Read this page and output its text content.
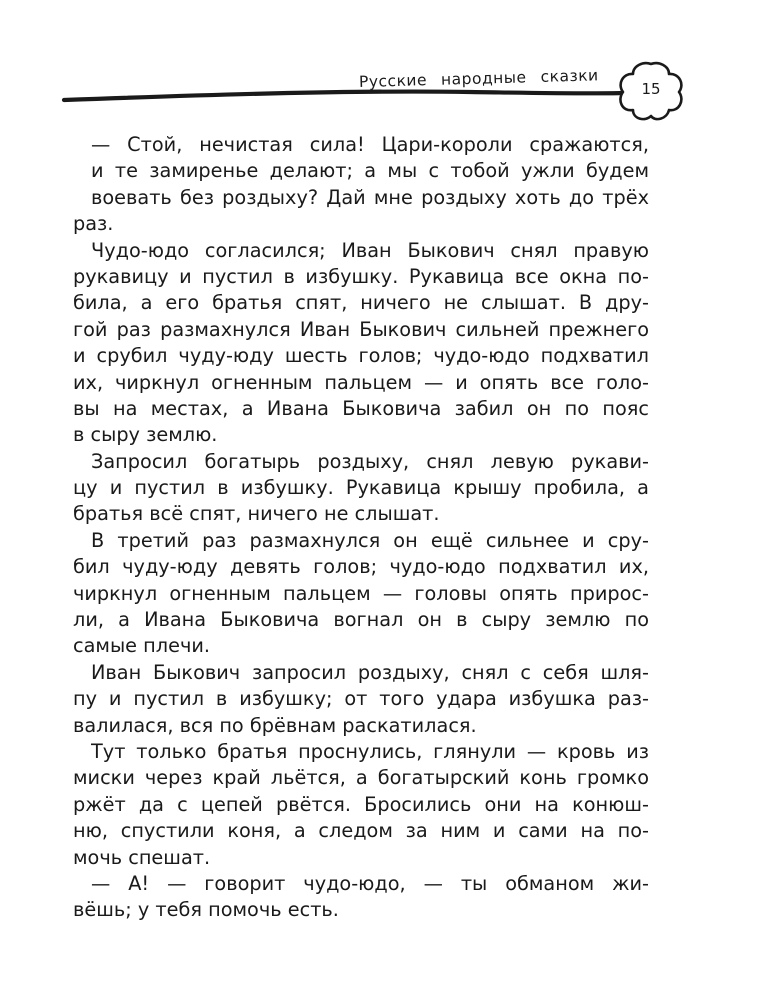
Русские народные сказки
15
— Стой, нечистая сила! Цари-короли сражаются,
и те замиренье делают; а мы с тобой ужли будем
воевать без роздыху? Дай мне роздыху хоть до трёх
раз.
Чудо-юдо согласился; Иван Быкович снял правую
рукавицу и пустил в избушку. Рукавица все окна по-
била, а его братья спят, ничего не слышат. В дру-
гой раз размахнулся Иван Быкович сильней прежнего
и срубил чуду-юду шесть голов; чудо-юдо подхватил
их, чиркнул огненным пальцем — и опять все голо-
вы на местах, а Ивана Быковича забил он по пояс
в сыру землю.
Запросил богатырь роздыху, снял левую рукави-
цу и пустил в избушку. Рукавица крышу пробила, а
братья всё спят, ничего не слышат.
В третий раз размахнулся он ещё сильнее и сру-
бил чуду-юду девять голов; чудо-юдо подхватил их,
чиркнул огненным пальцем — головы опять прирос-
ли, а Ивана Быковича вогнал он в сыру землю по
самые плечи.
Иван Быкович запросил роздыху, снял с себя шля-
пу и пустил в избушку; от того удара избушка раз-
валилася, вся по брёвнам раскатилася.
Тут только братья проснулись, глянули — кровь из
миски через край льётся, а богатырский конь громко
ржёт да с цепей рвётся. Бросились они на конюш-
ню, спустили коня, а следом за ним и сами на по-
мочь спешат.
— А! — говорит чудо-юдо, — ты обманом жи-
вёшь; у тебя помочь есть.
